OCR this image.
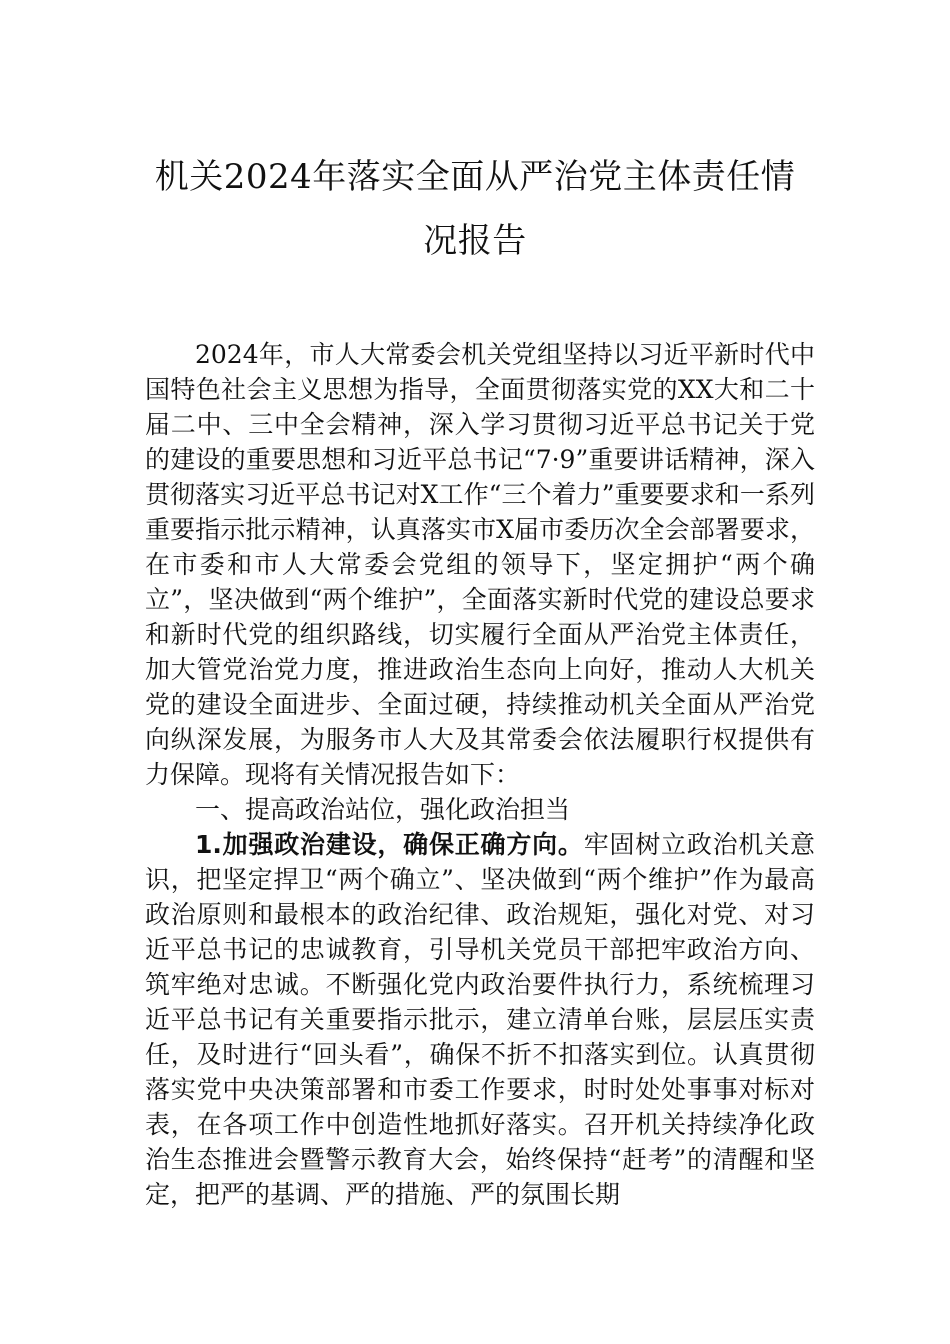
机关2024年落实全面从严治党主体责任情
况报告

2024年，市人大常委会机关党组坚持以习近平新时代中国特色社会主义思想为指导，全面贯彻落实党的XX大和二十届二中、三中全会精神，深入学习贯彻习近平总书记关于党的建设的重要思想和习近平总书记“7·9”重要讲话精神，深入贯彻落实习近平总书记对X工作“三个着力”重要要求和一系列重要指示批示精神，认真落实市X届市委历次全会部署要求，在市委和市人大常委会党组的领导下，坚定拥护“两个确立”，坚决做到“两个维护”，全面落实新时代党的建设总要求和新时代党的组织路线，切实履行全面从严治党主体责任，加大管党治党力度，推进政治生态向上向好，推动人大机关党的建设全面进步、全面过硬，持续推动机关全面从严治党向纵深发展，为服务市人大及其常委会依法履职行权提供有力保障。现将有关情况报告如下：

一、提高政治站位，强化政治担当

1.加强政治建设，确保正确方向。牢固树立政治机关意识，把坚定捍卫“两个确立”、坚决做到“两个维护”作为最高政治原则和最根本的政治纪律、政治规矩，强化对党、对习近平总书记的忠诚教育，引导机关党员干部把牢政治方向、筑牢绝对忠诚。不断强化党内政治要件执行力，系统梳理习近平总书记有关重要指示批示，建立清单台账，层层压实责任，及时进行“回头看”，确保不折不扣落实到位。认真贯彻落实党中央决策部署和市委工作要求，时时处处事事对标对表，在各项工作中创造性地抓好落实。召开机关持续净化政治生态推进会暨警示教育大会，始终保持“赶考”的清醒和坚定，把严的基调、严的措施、严的氛围长期
